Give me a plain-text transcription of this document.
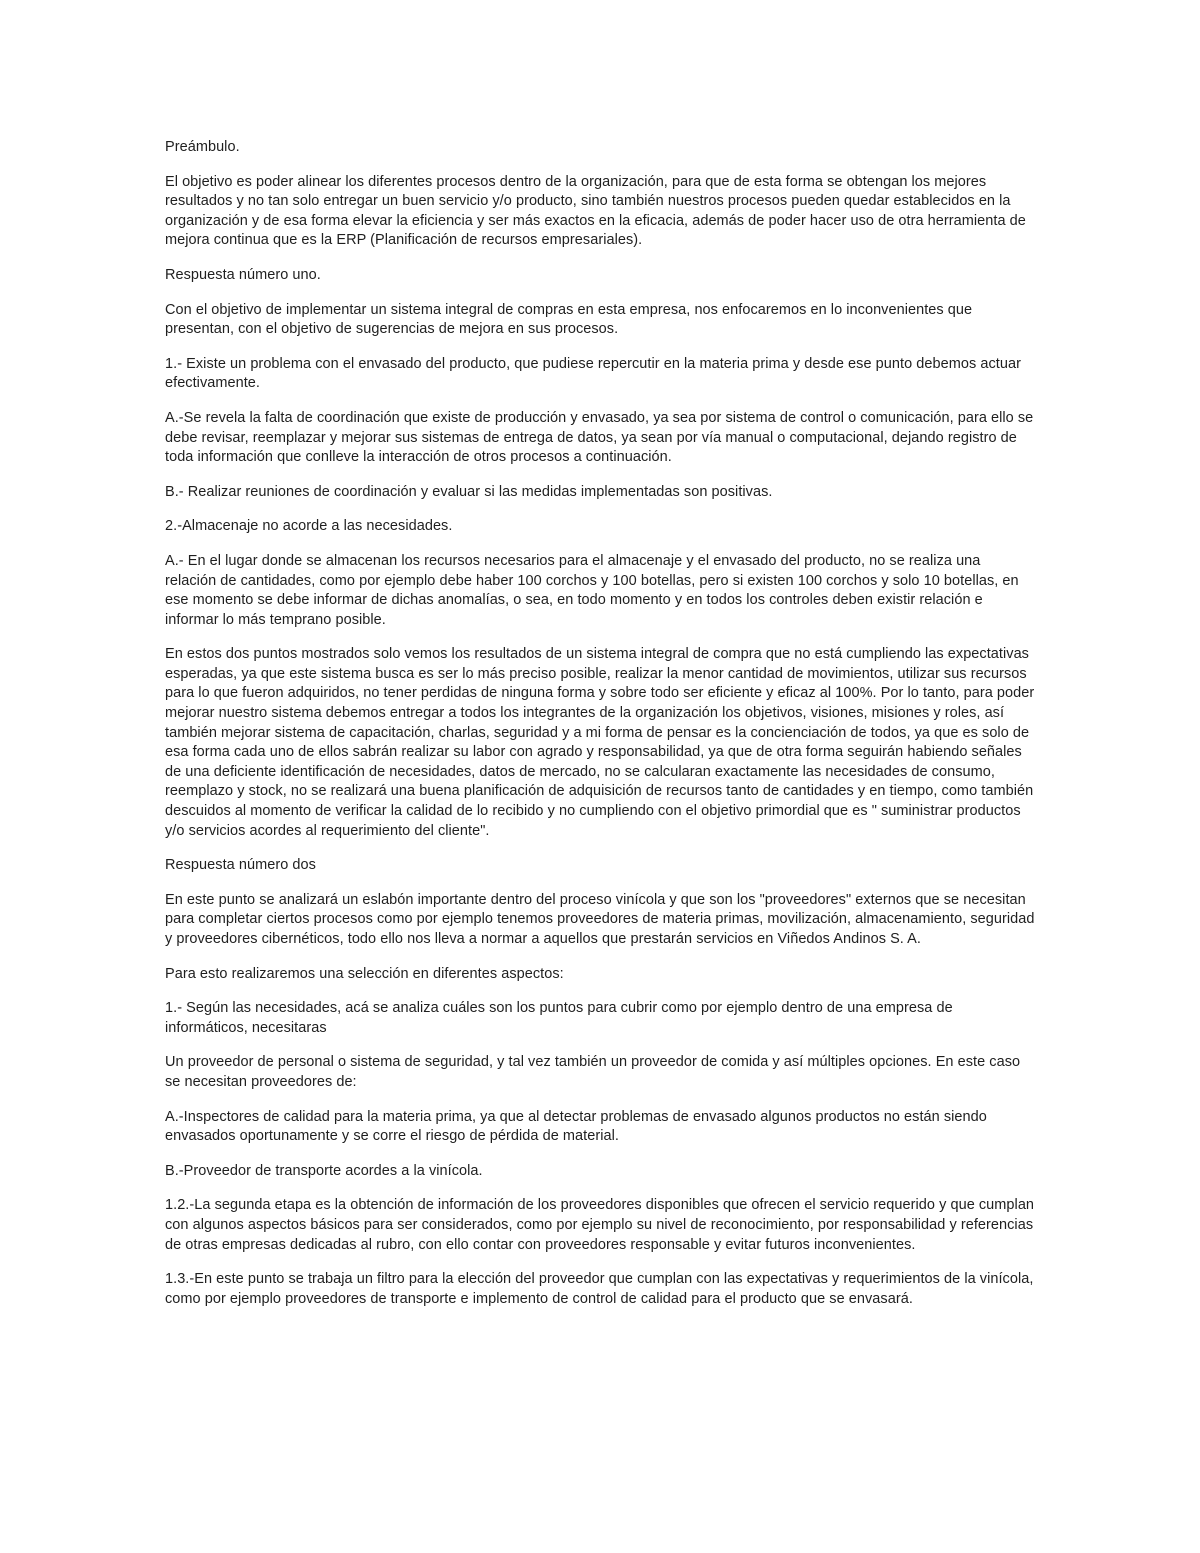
Preámbulo.

El objetivo es poder alinear los diferentes procesos dentro de la organización, para que de esta forma se obtengan los mejores resultados y no tan solo entregar un buen servicio y/o producto, sino también nuestros procesos pueden quedar establecidos en la organización y de esa forma elevar la eficiencia y ser más exactos en la eficacia, además de poder hacer uso de otra herramienta de mejora continua que es la ERP (Planificación de recursos empresariales).

Respuesta número uno.

Con el objetivo de implementar un sistema integral de compras en esta empresa, nos enfocaremos en lo inconvenientes que presentan, con el objetivo de sugerencias de mejora en sus procesos.

1.- Existe un problema con el envasado del producto, que pudiese repercutir en la materia prima y desde ese punto debemos actuar efectivamente.

A.-Se revela la falta de coordinación que existe de producción y envasado, ya sea por sistema de control o comunicación, para ello se debe revisar, reemplazar y mejorar sus sistemas de entrega de datos, ya sean por vía manual o computacional, dejando registro de toda información que conlleve la interacción de otros procesos a continuación.

B.- Realizar reuniones de coordinación y evaluar si las medidas implementadas son positivas.

2.-Almacenaje no acorde a las necesidades.

A.- En el lugar donde se almacenan los recursos necesarios para el almacenaje y el envasado del producto, no se realiza una relación de cantidades, como por ejemplo debe haber 100 corchos y 100 botellas, pero si existen 100 corchos y solo 10 botellas, en ese momento se debe informar de dichas anomalías, o sea, en todo momento y en todos los controles deben existir relación e informar lo más temprano posible.

En estos dos puntos mostrados solo vemos los resultados de un sistema integral de compra que no está cumpliendo las expectativas esperadas, ya que este sistema busca es ser lo más preciso posible, realizar la menor cantidad de movimientos, utilizar sus recursos para lo que fueron adquiridos, no tener perdidas de ninguna forma y sobre todo ser eficiente y eficaz al 100%. Por lo tanto, para poder mejorar nuestro sistema debemos entregar a todos los integrantes de la organización los objetivos, visiones, misiones y roles, así también mejorar sistema de capacitación, charlas, seguridad y a mi forma de pensar es la concienciación de todos, ya que es solo de esa forma cada uno de ellos sabrán realizar su labor con agrado y responsabilidad, ya que de otra forma seguirán habiendo señales de una deficiente identificación de necesidades, datos de mercado, no se calcularan exactamente las necesidades de consumo, reemplazo y stock, no se realizará una buena planificación de adquisición de recursos tanto de cantidades y en tiempo, como también descuidos al momento de verificar la calidad de lo recibido y no cumpliendo con el objetivo primordial que es " suministrar productos y/o servicios acordes al requerimiento del cliente".

Respuesta número dos

En este punto se analizará un eslabón importante dentro del proceso vinícola y que son los "proveedores" externos que se necesitan para completar ciertos procesos como por ejemplo tenemos proveedores de materia primas, movilización, almacenamiento, seguridad y proveedores cibernéticos, todo ello nos lleva a normar a aquellos que prestarán servicios en Viñedos Andinos S. A.

Para esto realizaremos una selección en diferentes aspectos:

1.- Según las necesidades, acá se analiza cuáles son los puntos para cubrir como por ejemplo dentro de una empresa de informáticos, necesitaras

Un proveedor de personal o sistema de seguridad, y tal vez también un proveedor de comida y así múltiples opciones. En este caso se necesitan proveedores de:

A.-Inspectores de calidad para la materia prima, ya que al detectar problemas de envasado algunos productos no están siendo envasados oportunamente y se corre el riesgo de pérdida de material.

B.-Proveedor de transporte acordes a la vinícola.

1.2.-La segunda etapa es la obtención de información de los proveedores disponibles que ofrecen el servicio requerido y que cumplan con algunos aspectos básicos para ser considerados, como por ejemplo su nivel de reconocimiento, por responsabilidad y referencias de otras empresas dedicadas al rubro, con ello contar con proveedores responsable y evitar futuros inconvenientes.

1.3.-En este punto se trabaja un filtro para la elección del proveedor que cumplan con las expectativas y requerimientos de la vinícola, como por ejemplo proveedores de transporte e implemento de control de calidad para el producto que se envasará.
